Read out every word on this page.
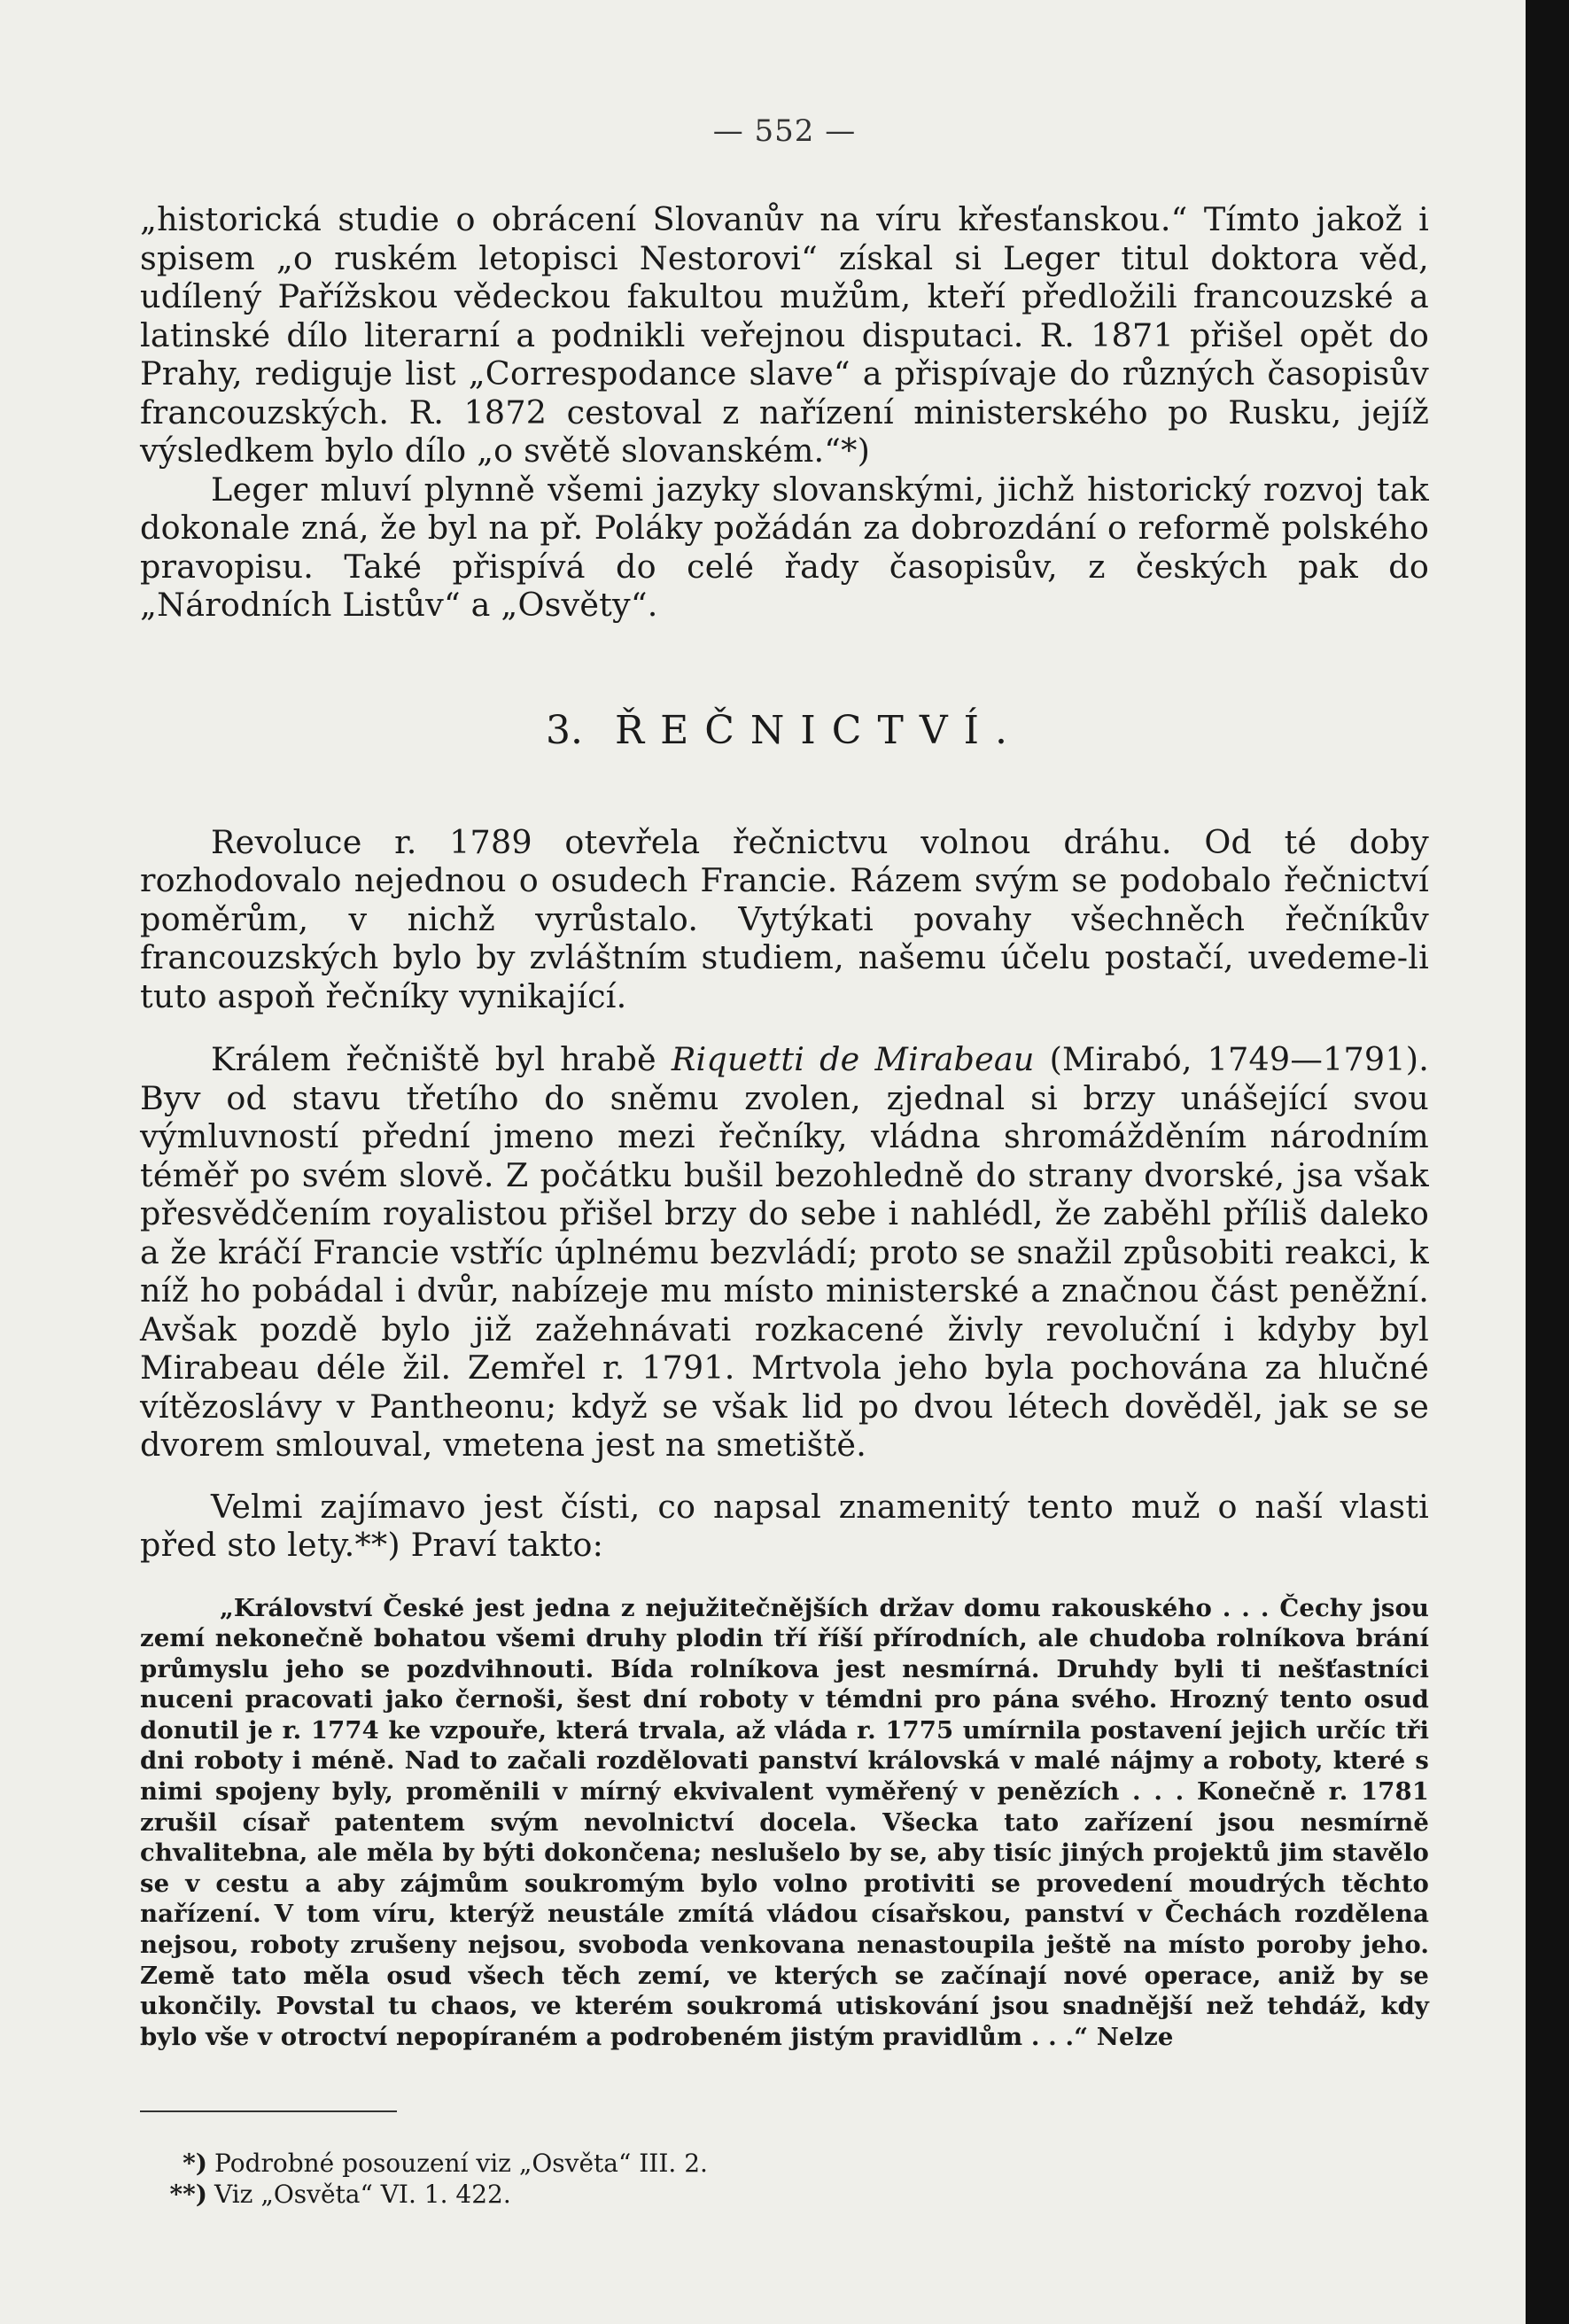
— 552 —

„historická studie o obrácení Slovanův na víru křesťanskou.“ Tímto jakož i spisem „o ruském letopisci Nestorovi“ získal si Leger titul doktora věd, udílený Pařížskou vědeckou fakultou mužům, kteří předložili francouzské a latinské dílo literarní a podnikli veřejnou disputaci. R. 1871 přišel opět do Prahy, rediguje list „Correspodance slave“ a přispívaje do různých časopisův francouzských. R. 1872 cestoval z nařízení ministerského po Rusku, jejíž výsledkem bylo dílo „o světě slovanském.“*)

Leger mluví plynně všemi jazyky slovanskými, jichž historický rozvoj tak dokonale zná, že byl na př. Poláky požádán za dobrozdání o reformě polského pravopisu. Také přispívá do celé řady časopisův, z českých pak do „Národních Listův“ a „Osvěty“.

3. ŘEČNICTVÍ.

Revoluce r. 1789 otevřela řečnictvu volnou dráhu. Od té doby rozhodovalo nejednou o osudech Francie. Rázem svým se podobalo řečnictví poměrům, v nichž vyrůstalo. Vytýkati povahy všechněch řečníkův francouzských bylo by zvláštním studiem, našemu účelu postačí, uvedeme-li tuto aspoň řečníky vynikající.

Králem řečniště byl hrabě Riquetti de Mirabeau (Mirabó, 1749—1791). Byv od stavu třetího do sněmu zvolen, zjednal si brzy unášející svou výmluvností přední jmeno mezi řečníky, vládna shromážděním národním téměř po svém slově. Z počátku bušil bezohledně do strany dvorské, jsa však přesvědčením royalistou přišel brzy do sebe i nahlédl, že zaběhl příliš daleko a že kráčí Francie vstříc úplnému bezvládí; proto se snažil způsobiti reakci, k níž ho pobádal i dvůr, nabízeje mu místo ministerské a značnou část peněžní. Avšak pozdě bylo již zažehnávati rozkacené živly revoluční i kdyby byl Mirabeau déle žil. Zemřel r. 1791. Mrtvola jeho byla pochována za hlučné vítězoslávy v Pantheonu; když se však lid po dvou létech dověděl, jak se se dvorem smlouval, vmetena jest na smetiště.

Velmi zajímavo jest čísti, co napsal znamenitý tento muž o naší vlasti před sto lety.**) Praví takto:

„Království České jest jedna z nejužitečnějších držav domu rakouského . . . Čechy jsou zemí nekonečně bohatou všemi druhy plodin tří říší přírodních, ale chudoba rolníkova brání průmyslu jeho se pozdvihnouti. Bída rolníkova jest nesmírná. Druhdy byli ti nešťastníci nuceni pracovati jako černoši, šest dní roboty v témdni pro pána svého. Hrozný tento osud donutil je r. 1774 ke vzpouře, která trvala, až vláda r. 1775 umírnila postavení jejich určíc tři dni roboty i méně. Nad to začali rozdělovati panství královská v malé nájmy a roboty, které s nimi spojeny byly, proměnili v mírný ekvivalent vyměřený v penězích . . . Konečně r. 1781 zrušil císař patentem svým nevolnictví docela. Všecka tato zařízení jsou nesmírně chvalitebna, ale měla by býti dokončena; neslušelo by se, aby tisíc jiných projektů jim stavělo se v cestu a aby zájmům soukromým bylo volno protiviti se provedení moudrých těchto nařízení. V tom víru, kterýž neustále zmítá vládou císařskou, panství v Čechách rozdělena nejsou, roboty zrušeny nejsou, svoboda venkovana nenastoupila ještě na místo poroby jeho. Země tato měla osud všech těch zemí, ve kterých se začínají nové operace, aniž by se ukončily. Povstal tu chaos, ve kterém soukromá utiskování jsou snadnější než tehdáž, kdy bylo vše v otroctví nepopíraném a podrobeném jistým pravidlům . . .“ Nelze

*) Podrobné posouzení viz „Osvěta“ III. 2.
**) Viz „Osvěta“ VI. 1. 422.
